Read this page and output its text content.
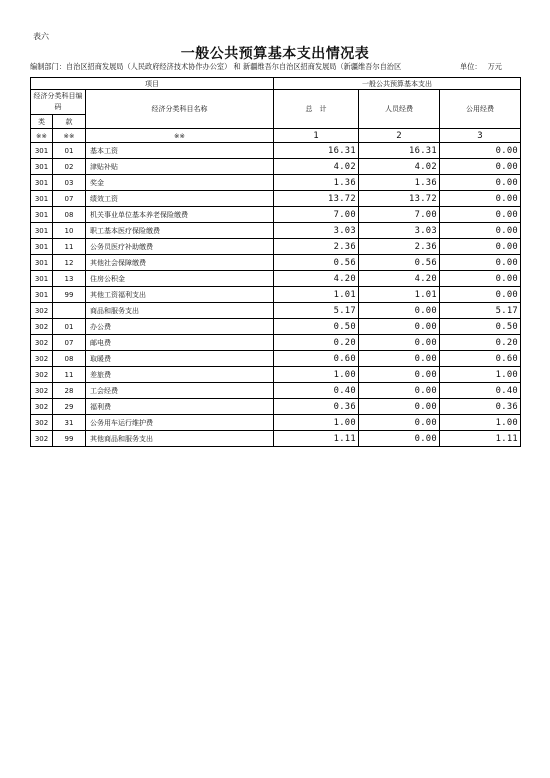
表六
一般公共预算基本支出情况表
编制部门：自治区招商发展局（人民政府经济技术协作办公室） 和 新疆维吾尔自治区招商发展局（新疆维吾尔自治区	单位： 万元
项目			一般公共预算基本支出		
经济分类科目编码		经济分类科目名称	总　计	人员经费	公用经费
类	款				
※※	※※	※※	1	2	3
301	01	基本工资	16.31	16.31	0.00
301	02	津贴补贴	4.02	4.02	0.00
301	03	奖金	1.36	1.36	0.00
301	07	绩效工资	13.72	13.72	0.00
301	08	机关事业单位基本养老保险缴费	7.00	7.00	0.00
301	10	职工基本医疗保险缴费	3.03	3.03	0.00
301	11	公务员医疗补助缴费	2.36	2.36	0.00
301	12	其他社会保障缴费	0.56	0.56	0.00
301	13	住房公积金	4.20	4.20	0.00
301	99	其他工资福利支出	1.01	1.01	0.00
302		商品和服务支出	5.17	0.00	5.17
302	01	办公费	0.50	0.00	0.50
302	07	邮电费	0.20	0.00	0.20
302	08	取暖费	0.60	0.00	0.60
302	11	差旅费	1.00	0.00	1.00
302	28	工会经费	0.40	0.00	0.40
302	29	福利费	0.36	0.00	0.36
302	31	公务用车运行维护费	1.00	0.00	1.00
302	99	其他商品和服务支出	1.11	0.00	1.11
